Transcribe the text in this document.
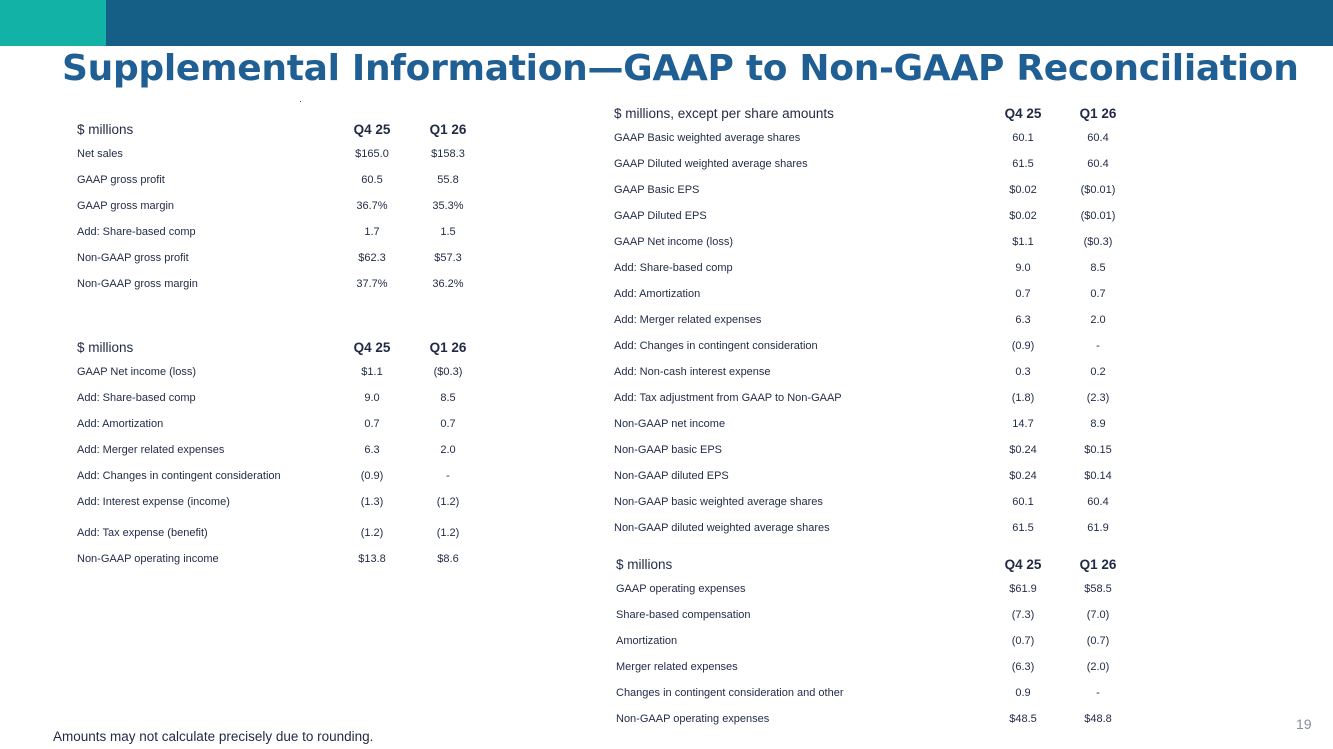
Supplemental Information—GAAP to Non-GAAP Reconciliation
$ millions	Q4 25	Q1 26
Net sales	$165.0	$158.3
GAAP gross profit	60.5	55.8
GAAP gross margin	36.7%	35.3%
Add: Share-based comp	1.7	1.5
Non-GAAP gross profit	$62.3	$57.3
Non-GAAP gross margin	37.7%	36.2%
$ millions	Q4 25	Q1 26
GAAP Net income (loss)	$1.1	($0.3)
Add: Share-based comp	9.0	8.5
Add: Amortization	0.7	0.7
Add: Merger related expenses	6.3	2.0
Add: Changes in contingent consideration	(0.9)	-
Add: Interest expense (income)	(1.3)	(1.2)
Add: Tax expense (benefit)	(1.2)	(1.2)
Non-GAAP operating income	$13.8	$8.6
$ millions, except per share amounts	Q4 25	Q1 26
GAAP Basic weighted average shares	60.1	60.4
GAAP Diluted weighted average shares	61.5	60.4
GAAP Basic EPS	$0.02	($0.01)
GAAP Diluted EPS	$0.02	($0.01)
GAAP Net income (loss)	$1.1	($0.3)
Add: Share-based comp	9.0	8.5
Add: Amortization	0.7	0.7
Add: Merger related expenses	6.3	2.0
Add: Changes in contingent consideration	(0.9)	-
Add: Non-cash interest expense	0.3	0.2
Add: Tax adjustment from GAAP to Non-GAAP	(1.8)	(2.3)
Non-GAAP net income	14.7	8.9
Non-GAAP basic EPS	$0.24	$0.15
Non-GAAP diluted EPS	$0.24	$0.14
Non-GAAP basic weighted average shares	60.1	60.4
Non-GAAP diluted weighted average shares	61.5	61.9
$ millions	Q4 25	Q1 26
GAAP operating expenses	$61.9	$58.5
Share-based compensation	(7.3)	(7.0)
Amortization	(0.7)	(0.7)
Merger related expenses	(6.3)	(2.0)
Changes in contingent consideration and other	0.9	-
Non-GAAP operating expenses	$48.5	$48.8
Amounts may not calculate precisely due to rounding.
19
